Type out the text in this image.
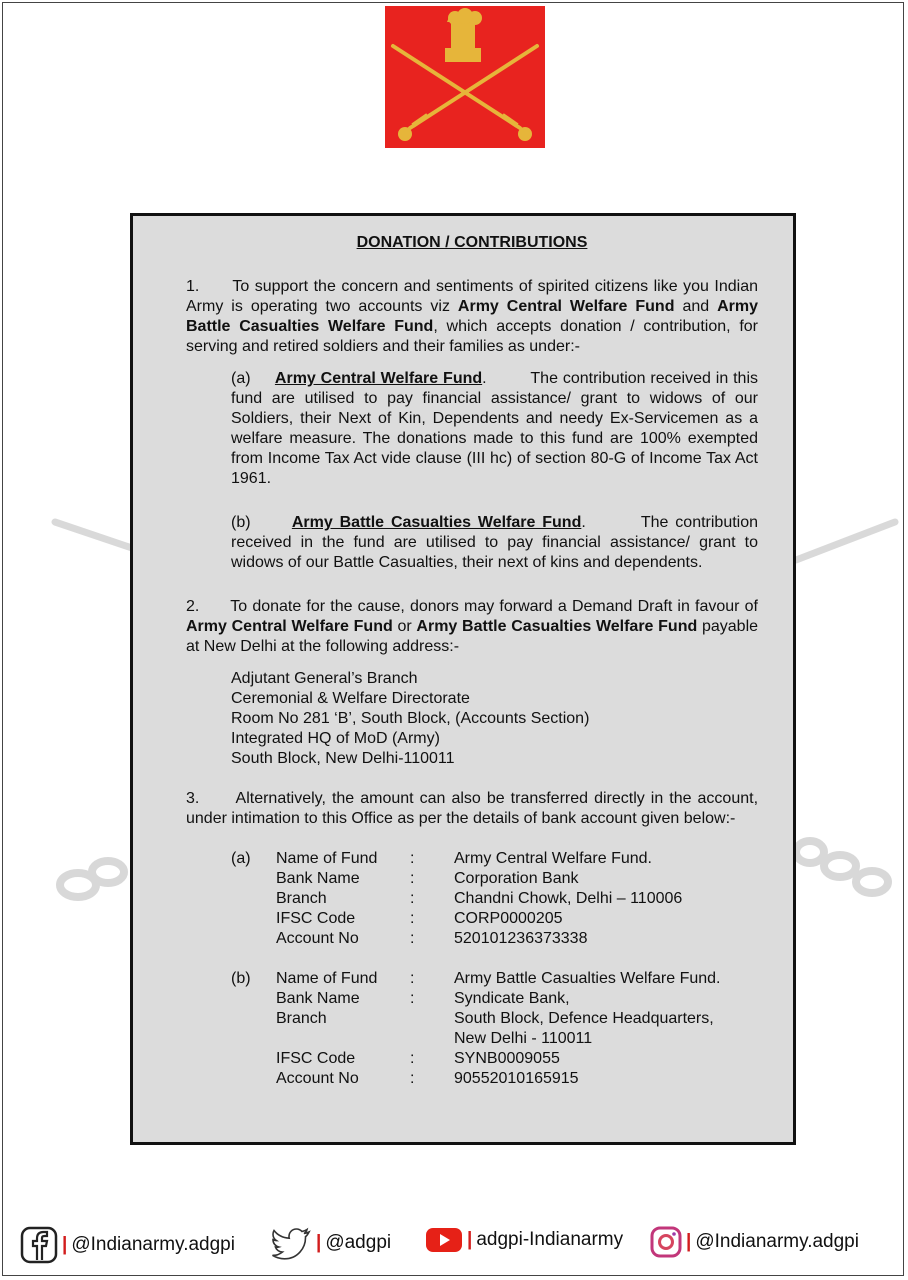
DONATION / CONTRIBUTIONS

1. To support the concern and sentiments of spirited citizens like you Indian Army is operating two accounts viz Army Central Welfare Fund and Army Battle Casualties Welfare Fund, which accepts donation / contribution, for serving and retired soldiers and their families as under:-

(a) Army Central Welfare Fund.	The contribution received in this fund are utilised to pay financial assistance/ grant to widows of our Soldiers, their Next of Kin, Dependents and needy Ex-Servicemen as a welfare measure. The donations made to this fund are 100% exempted from Income Tax Act vide clause (III hc) of section 80-G of Income Tax Act 1961.

(b)	Army Battle Casualties Welfare Fund.	The contribution received in the fund are utilised to pay financial assistance/ grant to widows of our Battle Casualties, their next of kins and dependents.

2. To donate for the cause, donors may forward a Demand Draft in favour of Army Central Welfare Fund or Army Battle Casualties Welfare Fund payable at New Delhi at the following address:-

Adjutant General’s Branch
Ceremonial & Welfare Directorate
Room No 281 ‘B’, South Block, (Accounts Section)
Integrated HQ of MoD (Army)
South Block, New Delhi-110011

3. Alternatively, the amount can also be transferred directly in the account, under intimation to this Office as per the details of bank account given below:-

(a)	Name of Fund	:	Army Central Welfare Fund.
Bank Name	:	Corporation Bank
Branch	:	Chandni Chowk, Delhi – 110006
IFSC Code	:	CORP0000205
Account No	:	520101236373338
(b)	Name of Fund	:	Army Battle Casualties Welfare Fund.
Bank Name	:	Syndicate Bank,
Branch	South Block, Defence Headquarters,
New Delhi - 110011
IFSC Code	:	SYNB0009055
Account No	:	90552010165915
| @Indianarmy.adgpi	| @adgpi	| adgpi-Indianarmy	| @Indianarmy.adgpi
